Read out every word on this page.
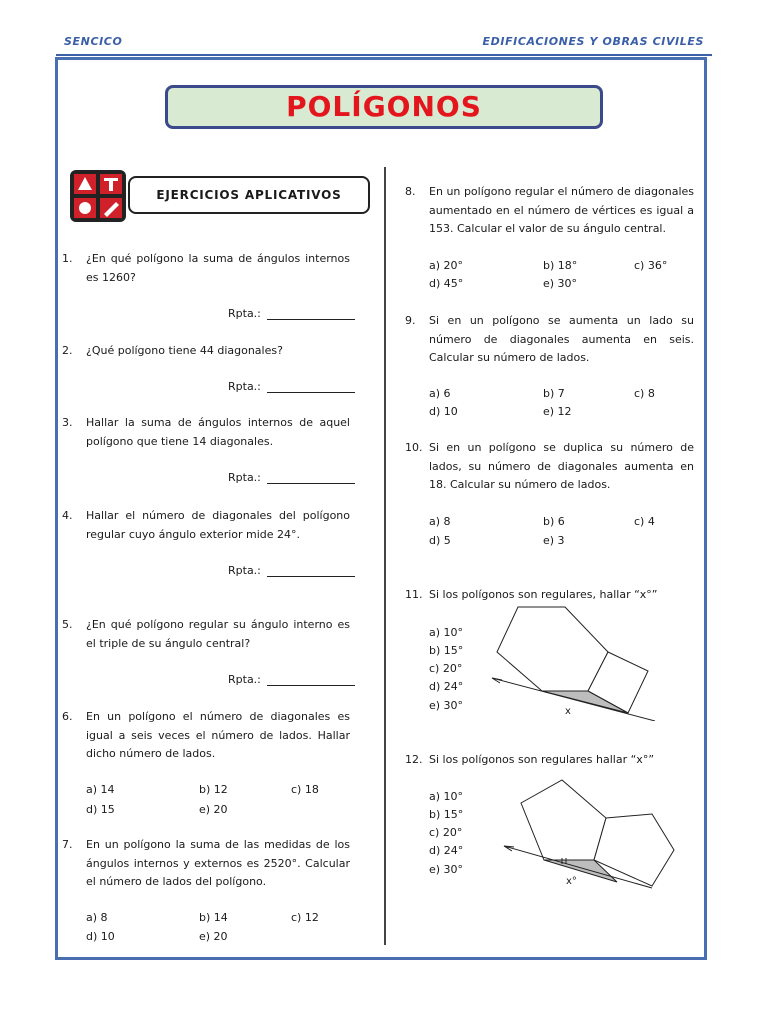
SENCICO	EDIFICACIONES Y OBRAS CIVILES
POLÍGONOS
EJERCICIOS APLICATIVOS
1. ¿En qué polígono la suma de ángulos internos es 1260?
Rpta.:
2. ¿Qué polígono tiene 44 diagonales?
Rpta.:
3. Hallar la suma de ángulos internos de aquel polígono que tiene 14 diagonales.
Rpta.:
4. Hallar el número de diagonales del polígono regular cuyo ángulo exterior mide 24°.
Rpta.:
5. ¿En qué polígono regular su ángulo interno es el triple de su ángulo central?
Rpta.:
6. En un polígono el número de diagonales es igual a seis veces el número de lados. Hallar dicho número de lados.
a) 14	b) 12	c) 18
d) 15	e) 20
7. En un polígono la suma de las medidas de los ángulos internos y externos es 2520°. Calcular el número de lados del polígono.
a) 8	b) 14	c) 12
d) 10	e) 20
8. En un polígono regular el número de diagonales aumentado en el número de vértices es igual a 153. Calcular el valor de su ángulo central.
a) 20°	b) 18°	c) 36°
d) 45°	e) 30°
9. Si en un polígono se aumenta un lado su número de diagonales aumenta en seis. Calcular su número de lados.
a) 6	b) 7	c) 8
d) 10	e) 12
10. Si en un polígono se duplica su número de lados, su número de diagonales aumenta en 18. Calcular su número de lados.
a) 8	b) 6	c) 4
d) 5	e) 3
11. Si los polígonos son regulares, hallar “x°”
a) 10°
b) 15°
c) 20°
d) 24°
e) 30°	x
12. Si los polígonos son regulares hallar “x°”
a) 10°
b) 15°
c) 20°
d) 24°
e) 30°
x°
